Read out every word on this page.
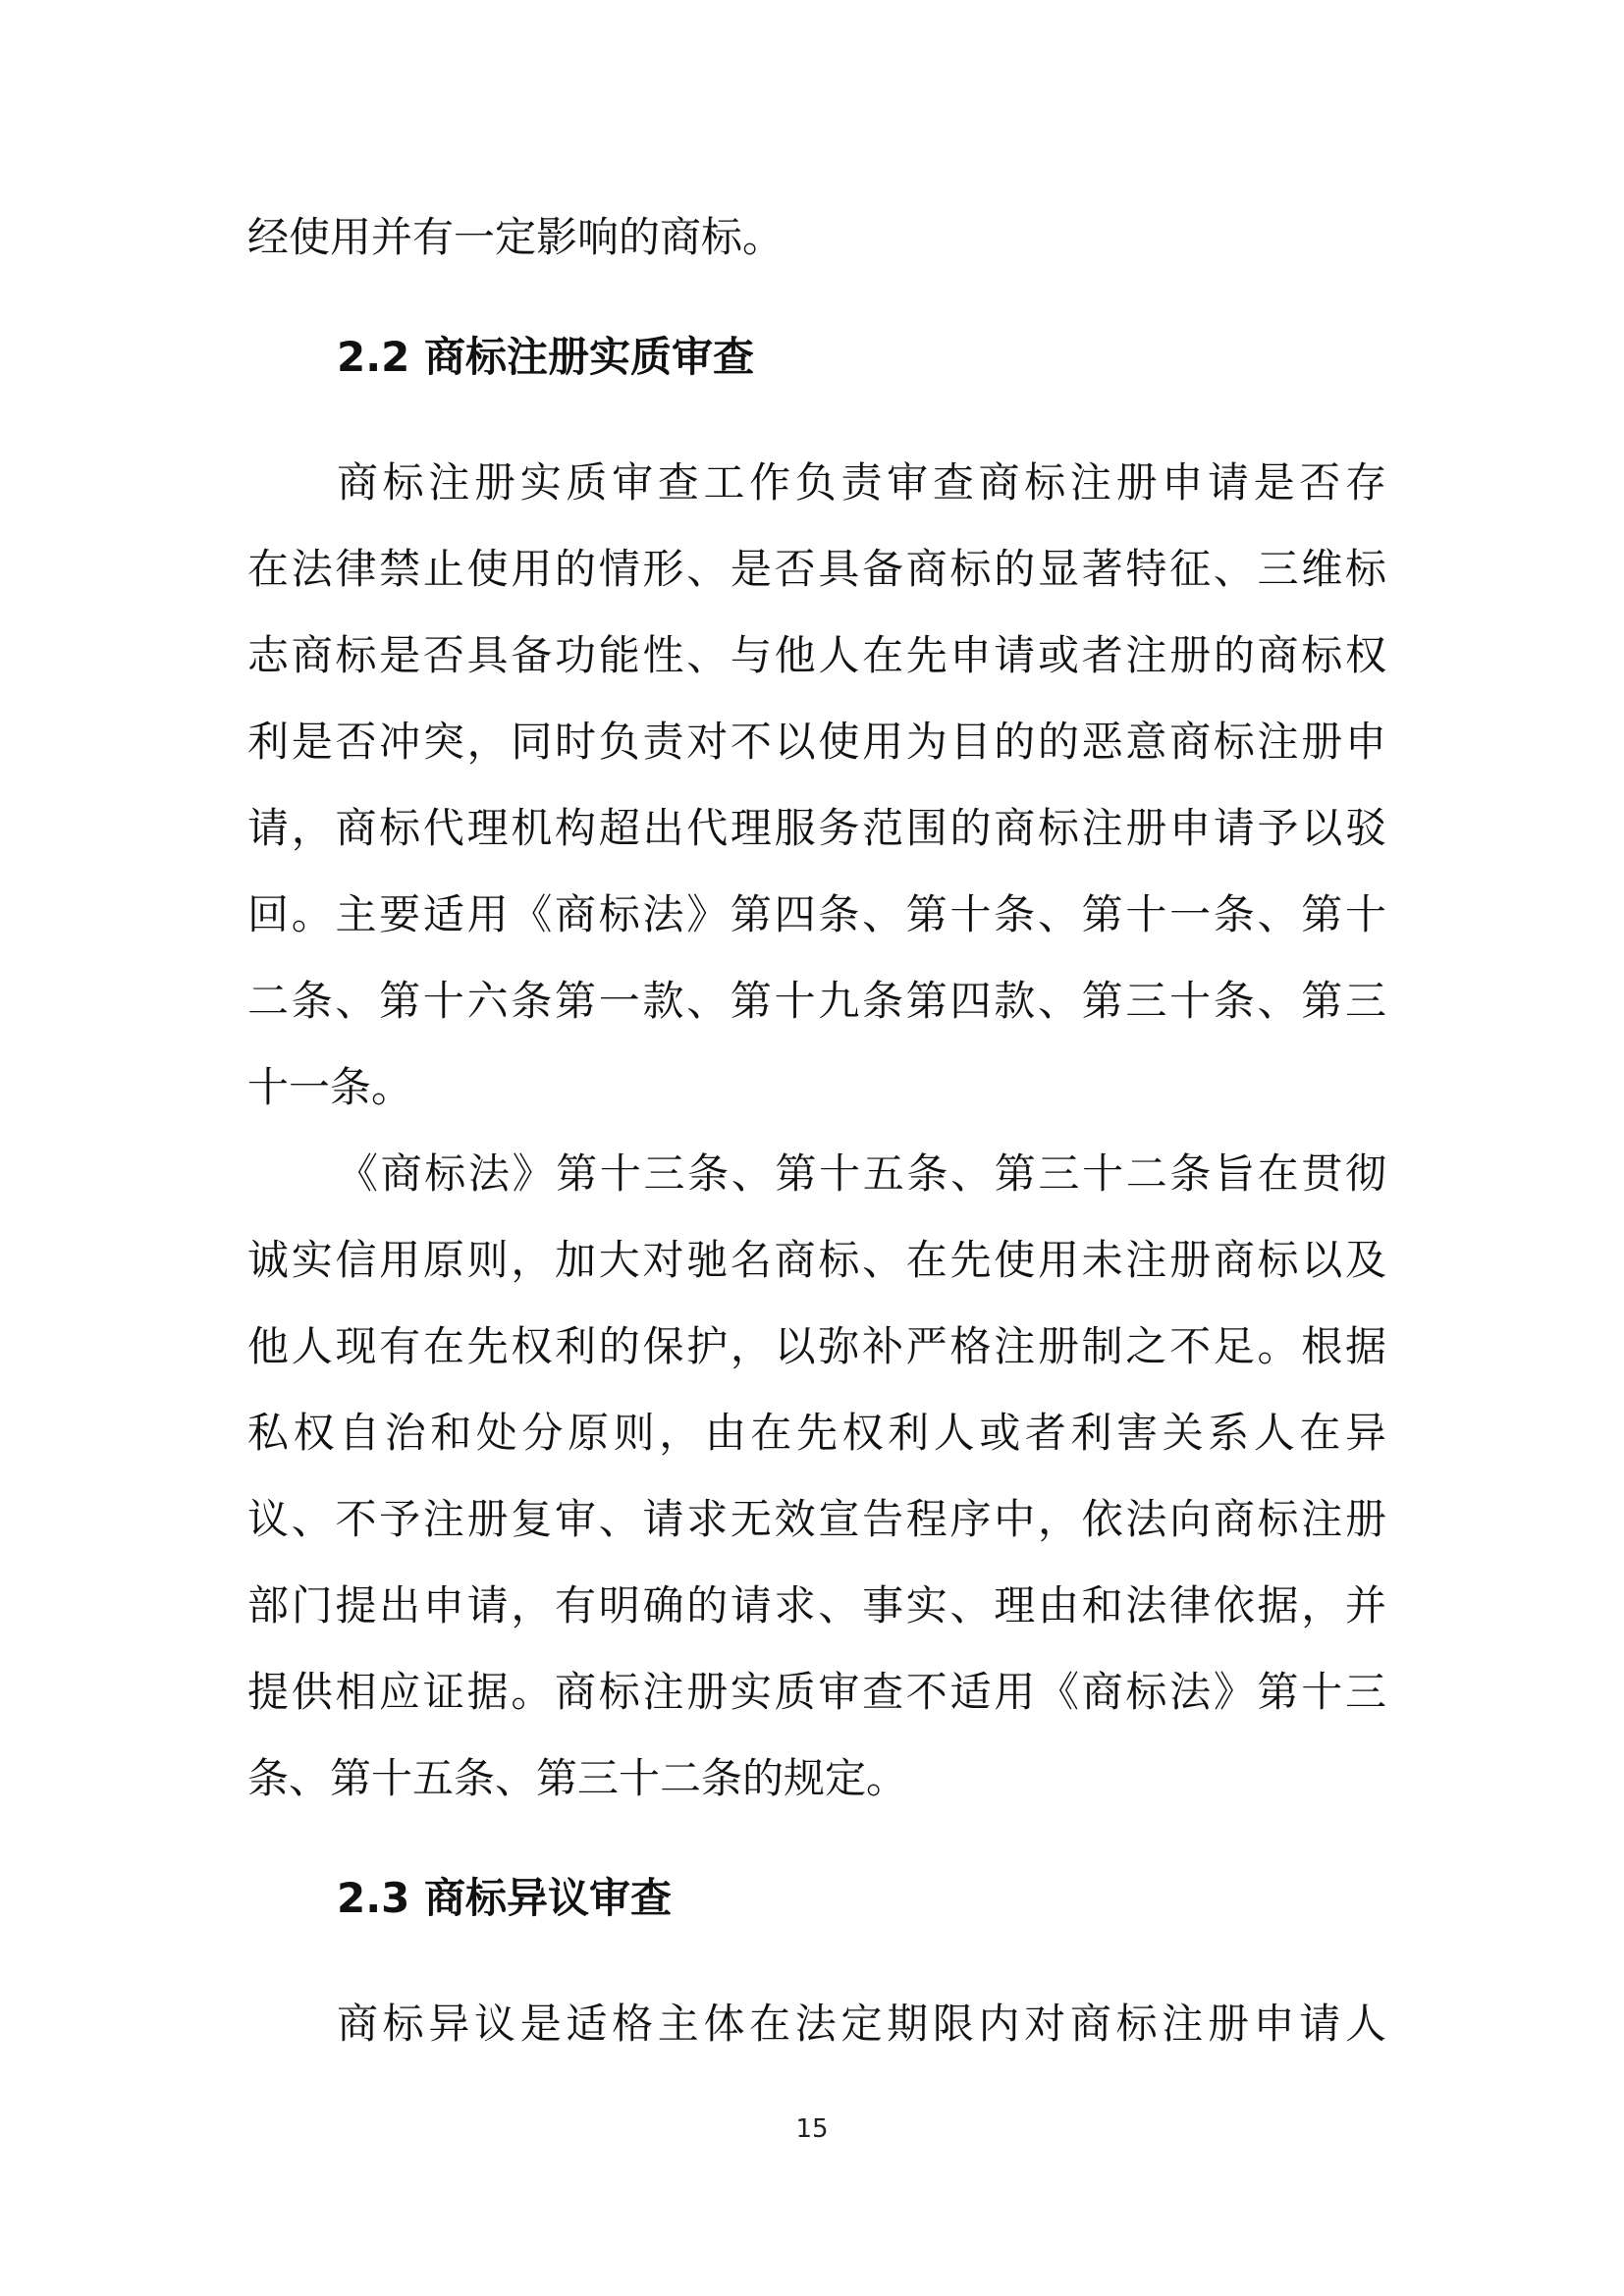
经使用并有一定影响的商标。
2.2 商标注册实质审查
商标注册实质审查工作负责审查商标注册申请是否存
在法律禁止使用的情形、是否具备商标的显著特征、三维标
志商标是否具备功能性、与他人在先申请或者注册的商标权
利是否冲突，同时负责对不以使用为目的的恶意商标注册申
请，商标代理机构超出代理服务范围的商标注册申请予以驳
回。主要适用《商标法》第四条、第十条、第十一条、第十
二条、第十六条第一款、第十九条第四款、第三十条、第三
十一条。
《商标法》第十三条、第十五条、第三十二条旨在贯彻
诚实信用原则，加大对驰名商标、在先使用未注册商标以及
他人现有在先权利的保护，以弥补严格注册制之不足。根据
私权自治和处分原则，由在先权利人或者利害关系人在异
议、不予注册复审、请求无效宣告程序中，依法向商标注册
部门提出申请，有明确的请求、事实、理由和法律依据，并
提供相应证据。商标注册实质审查不适用《商标法》第十三
条、第十五条、第三十二条的规定。
2.3 商标异议审查
商标异议是适格主体在法定期限内对商标注册申请人
15
